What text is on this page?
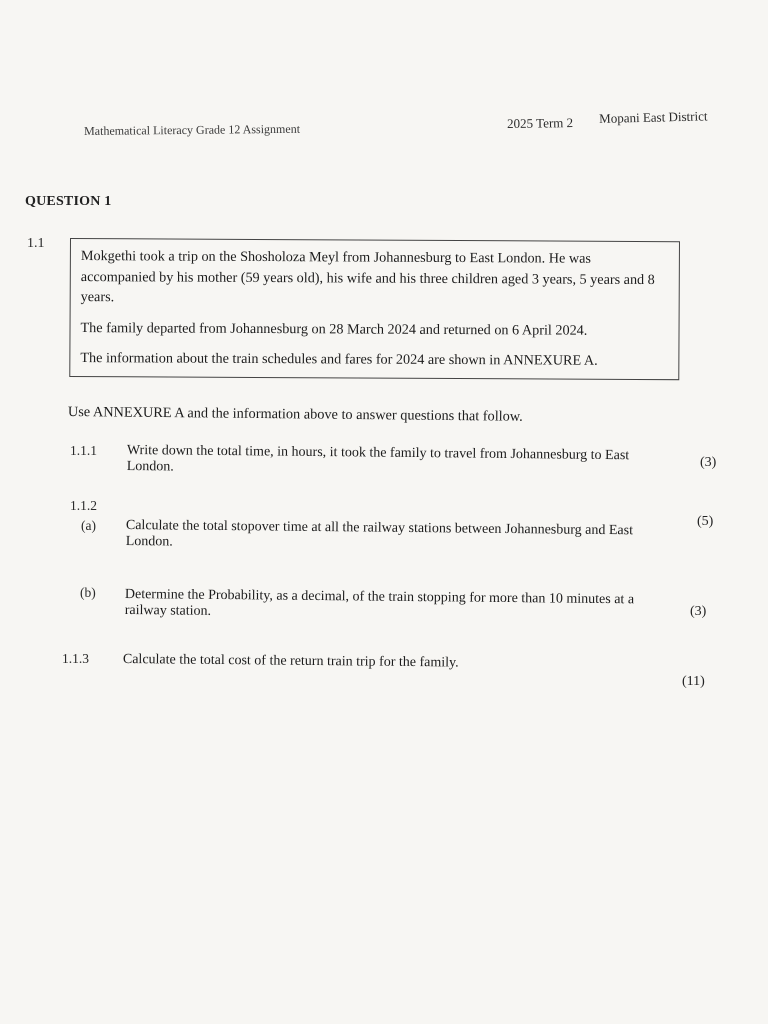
Mathematical Literacy Grade 12 Assignment	2025 Term 2 Mopani East District
QUESTION 1
1.1

Mokgethi took a trip on the Shosholoza Meyl from Johannesburg to East London. He was accompanied by his mother (59 years old), his wife and his three children aged 3 years, 5 years and 8 years.

The family departed from Johannesburg on 28 March 2024 and returned on 6 April 2024.

The information about the train schedules and fares for 2024 are shown in ANNEXURE A.

Use ANNEXURE A and the information above to answer questions that follow.
1.1.1 Write down the total time, in hours, it took the family to travel from Johannesburg to East London.	(3)
1.1.2
(a) Calculate the total stopover time at all the railway stations between Johannesburg and East London.
(5)
(b) Determine the Probability, as a decimal, of the train stopping for more than 10 minutes at a railway station.	(3)
1.1.3 Calculate the total cost of the return train trip for the family.
(11)
